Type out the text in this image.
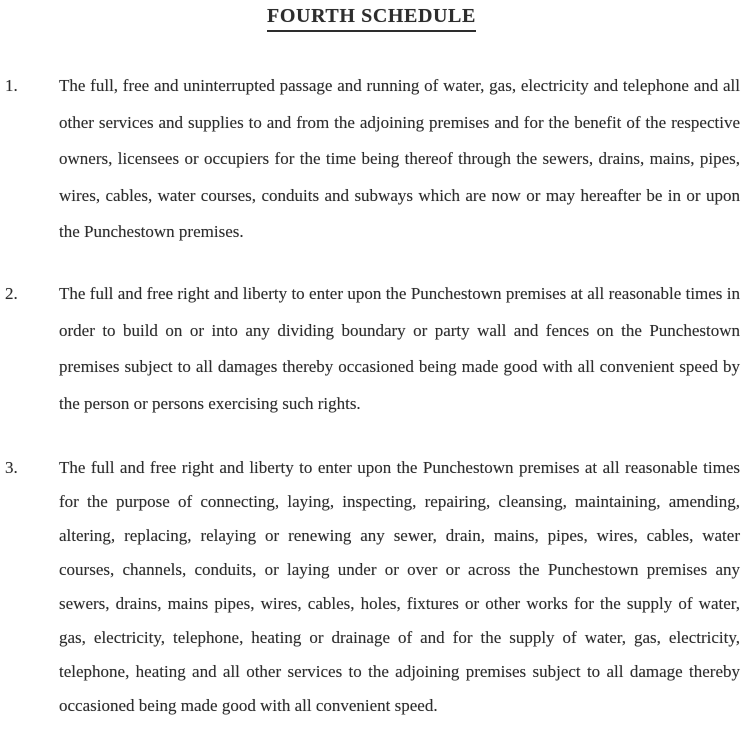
FOURTH SCHEDULE
1.	The full, free and uninterrupted passage and running of water, gas, electricity and telephone and all other services and supplies to and from the adjoining premises and for the benefit of the respective owners, licensees or occupiers for the time being thereof through the sewers, drains, mains, pipes, wires, cables, water courses, conduits and subways which are now or may hereafter be in or upon the Punchestown premises.
2.	The full and free right and liberty to enter upon the Punchestown premises at all reasonable times in order to build on or into any dividing boundary or party wall and fences on the Punchestown premises subject to all damages thereby occasioned being made good with all convenient speed by the person or persons exercising such rights.
3.	The full and free right and liberty to enter upon the Punchestown premises at all reasonable times for the purpose of connecting, laying, inspecting, repairing, cleansing, maintaining, amending, altering, replacing, relaying or renewing any sewer, drain, mains, pipes, wires, cables, water courses, channels, conduits, or laying under or over or across the Punchestown premises any sewers, drains, mains pipes, wires, cables, holes, fixtures or other works for the supply of water, gas, electricity, telephone, heating or drainage of and for the supply of water, gas, electricity, telephone, heating and all other services to the adjoining premises subject to all damage thereby occasioned being made good with all convenient speed.
